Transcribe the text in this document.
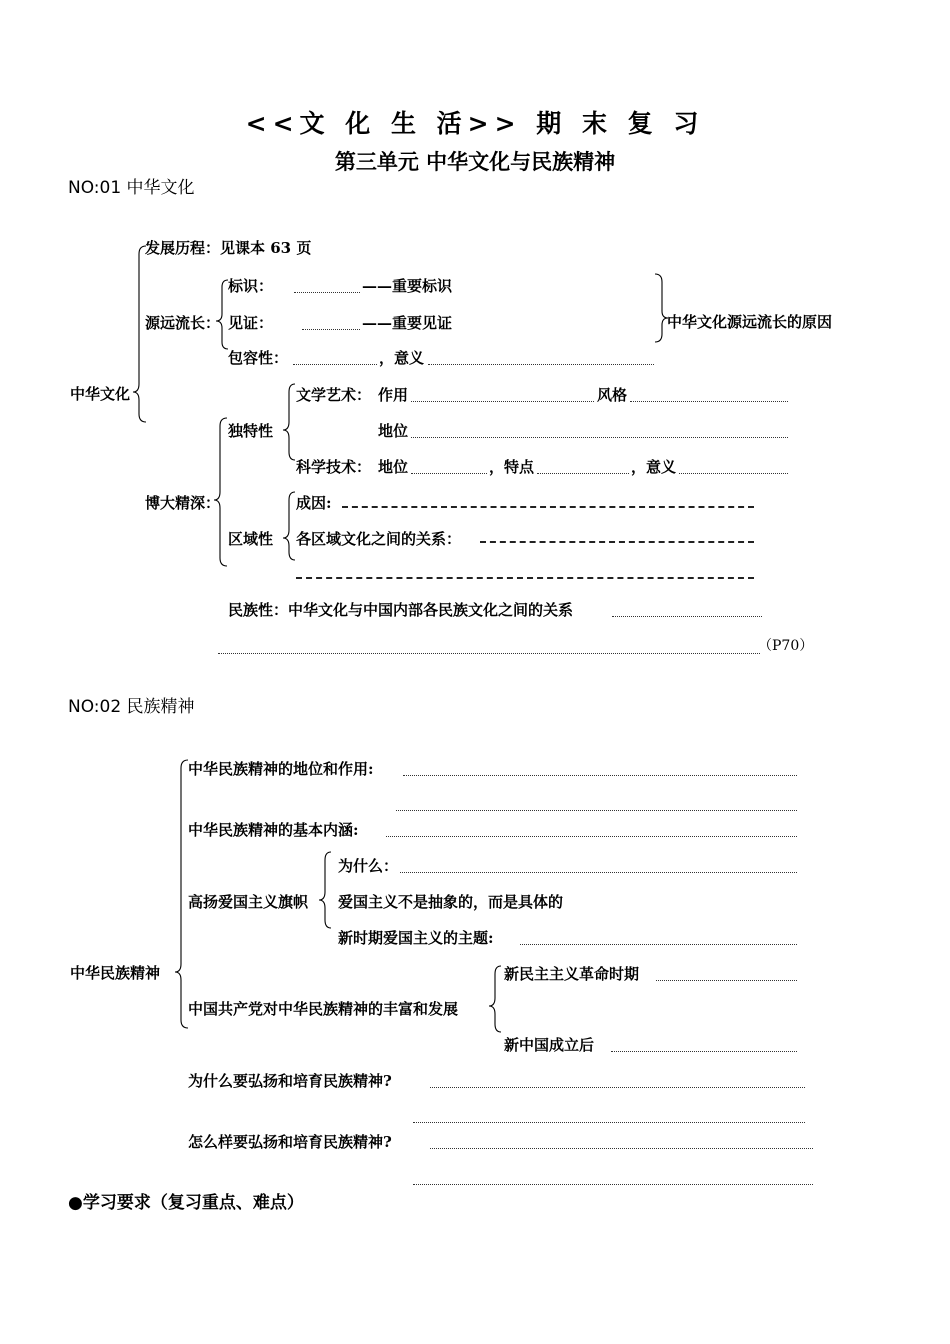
<<文 化 生 活>> 期 末 复 习
第三单元 中华文化与民族精神
NO:01 中华文化
发展历程：见课本 63 页
标识：	——重要标识
源远流长： 见证：	——重要见证	中华文化源远流长的原因
包容性：	，意义
中华文化	文学艺术： 作用	风格
独特性	地位
科学技术： 地位	，特点	，意义
博大精深：	成因:
区域性 各区域文化之间的关系：
民族性：中华文化与中国内部各民族文化之间的关系
（P70）
NO:02 民族精神
中华民族精神的地位和作用:
中华民族精神的基本内涵:
为什么：
高扬爱国主义旗帜 爱国主义不是抽象的，而是具体的
新时期爱国主义的主题:
中华民族精神	新民主主义革命时期
中国共产党对中华民族精神的丰富和发展
新中国成立后
为什么要弘扬和培育民族精神?
怎么样要弘扬和培育民族精神?
●学习要求（复习重点、难点）
